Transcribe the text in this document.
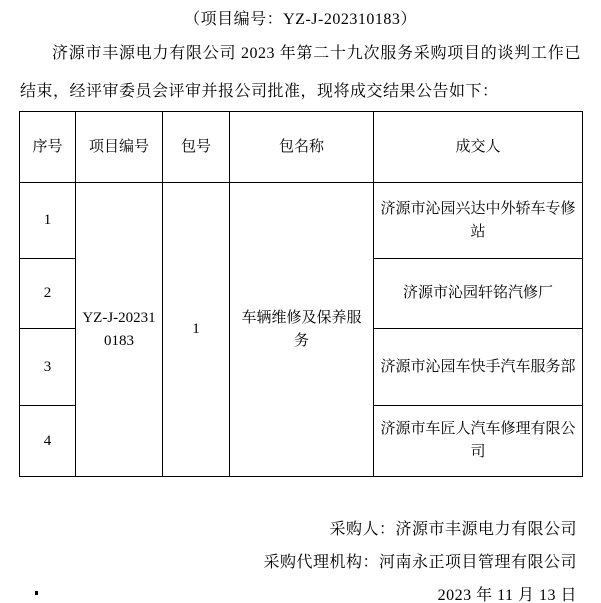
（项目编号：YZ-J-202310183）
济源市丰源电力有限公司 2023 年第二十九次服务采购项目的谈判工作已结束，经评审委员会评审并报公司批准，现将成交结果公告如下：
序号	项目编号	包号	包名称	成交人
1	YZ-J-202310183	1	车辆维修及保养服务	济源市沁园兴达中外轿车专修站
2				济源市沁园轩铭汽修厂
3				济源市沁园车快手汽车服务部
4				济源市车匠人汽车修理有限公司
采购人：济源市丰源电力有限公司
采购代理机构：河南永正项目管理有限公司
2023 年 11 月 13 日
